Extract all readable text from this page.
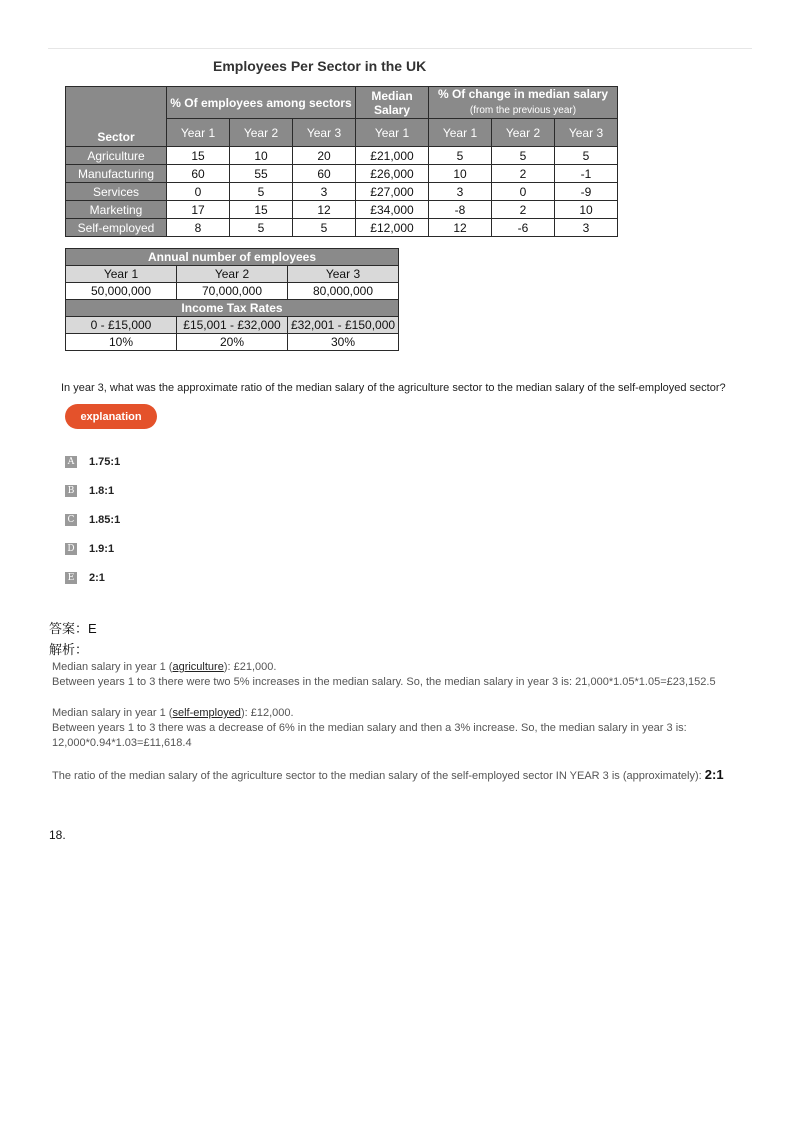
Employees Per Sector in the UK
Sector	% Of employees among sectors			Median Salary	% Of change in median salary
(from the previous year)		
	Year 1	Year 2	Year 3	Year 1	Year 1	Year 2	Year 3
Agriculture	15	10	20	£21,000	5	5	5
Manufacturing	60	55	60	£26,000	10	2	-1
Services	0	5	3	£27,000	3	0	-9
Marketing	17	15	12	£34,000	-8	2	10
Self-employed	8	5	5	£12,000	12	-6	3
Annual number of employees		
Year 1	Year 2	Year 3
50,000,000	70,000,000	80,000,000
Income Tax Rates		
0 - £15,000	£15,001 - £32,000	£32,001 - £150,000
10%	20%	30%
In year 3, what was the approximate ratio of the median salary of the agriculture sector to the median salary of the self-employed sector?
explanation
A 1.75:1
B 1.8:1
C 1.85:1
D 1.9:1
E 2:1
答案：E
解析：
Median salary in year 1 (agriculture): £21,000.
Between years 1 to 3 there were two 5% increases in the median salary. So, the median salary in year 3 is: 21,000*1.05*1.05=£23,152.5
Median salary in year 1 (self-employed): £12,000.
Between years 1 to 3 there was a decrease of 6% in the median salary and then a 3% increase. So, the median salary in year 3 is:
12,000*0.94*1.03=£11,618.4
The ratio of the median salary of the agriculture sector to the median salary of the self-employed sector IN YEAR 3 is (approximately): 2:1
18.
